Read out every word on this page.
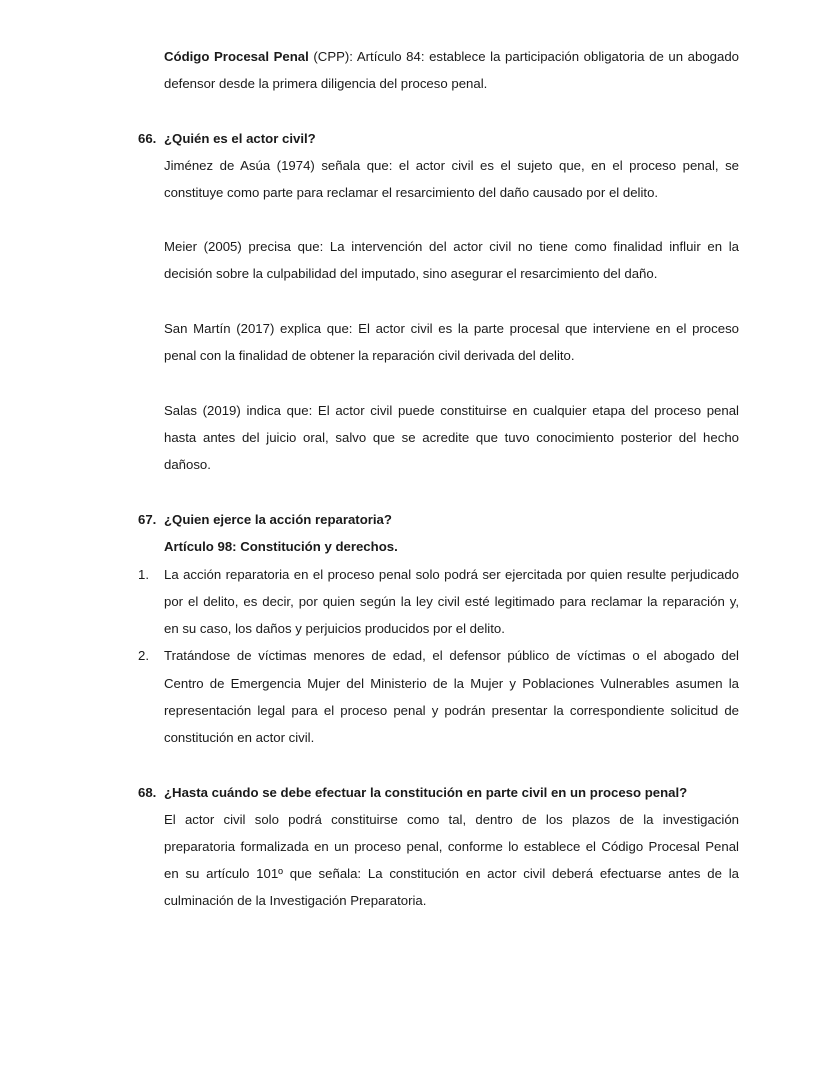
Código Procesal Penal (CPP): Artículo 84: establece la participación obligatoria de un abogado
defensor desde la primera diligencia del proceso penal.
66. ¿Quién es el actor civil?
Jiménez de Asúa (1974) señala que: el actor civil es el sujeto que, en el proceso penal, se
constituye como parte para reclamar el resarcimiento del daño causado por el delito.
Meier (2005) precisa que: La intervención del actor civil no tiene como finalidad influir en la
decisión sobre la culpabilidad del imputado, sino asegurar el resarcimiento del daño.
San Martín (2017) explica que: El actor civil es la parte procesal que interviene en el proceso
penal con la finalidad de obtener la reparación civil derivada del delito.
Salas (2019) indica que: El actor civil puede constituirse en cualquier etapa del proceso penal
hasta antes del juicio oral, salvo que se acredite que tuvo conocimiento posterior del hecho
dañoso.
67. ¿Quien ejerce la acción reparatoria?
Artículo 98: Constitución y derechos.
1. La acción reparatoria en el proceso penal solo podrá ser ejercitada por quien resulte perjudicado
por el delito, es decir, por quien según la ley civil esté legitimado para reclamar la reparación y,
en su caso, los daños y perjuicios producidos por el delito.
2. Tratándose de víctimas menores de edad, el defensor público de víctimas o el abogado del
Centro de Emergencia Mujer del Ministerio de la Mujer y Poblaciones Vulnerables asumen la
representación legal para el proceso penal y podrán presentar la correspondiente solicitud de
constitución en actor civil.
68. ¿Hasta cuándo se debe efectuar la constitución en parte civil en un proceso penal?
El actor civil solo podrá constituirse como tal, dentro de los plazos de la investigación
preparatoria formalizada en un proceso penal, conforme lo establece el Código Procesal Penal
en su artículo 101º que señala: La constitución en actor civil deberá efectuarse antes de la
culminación de la Investigación Preparatoria.
